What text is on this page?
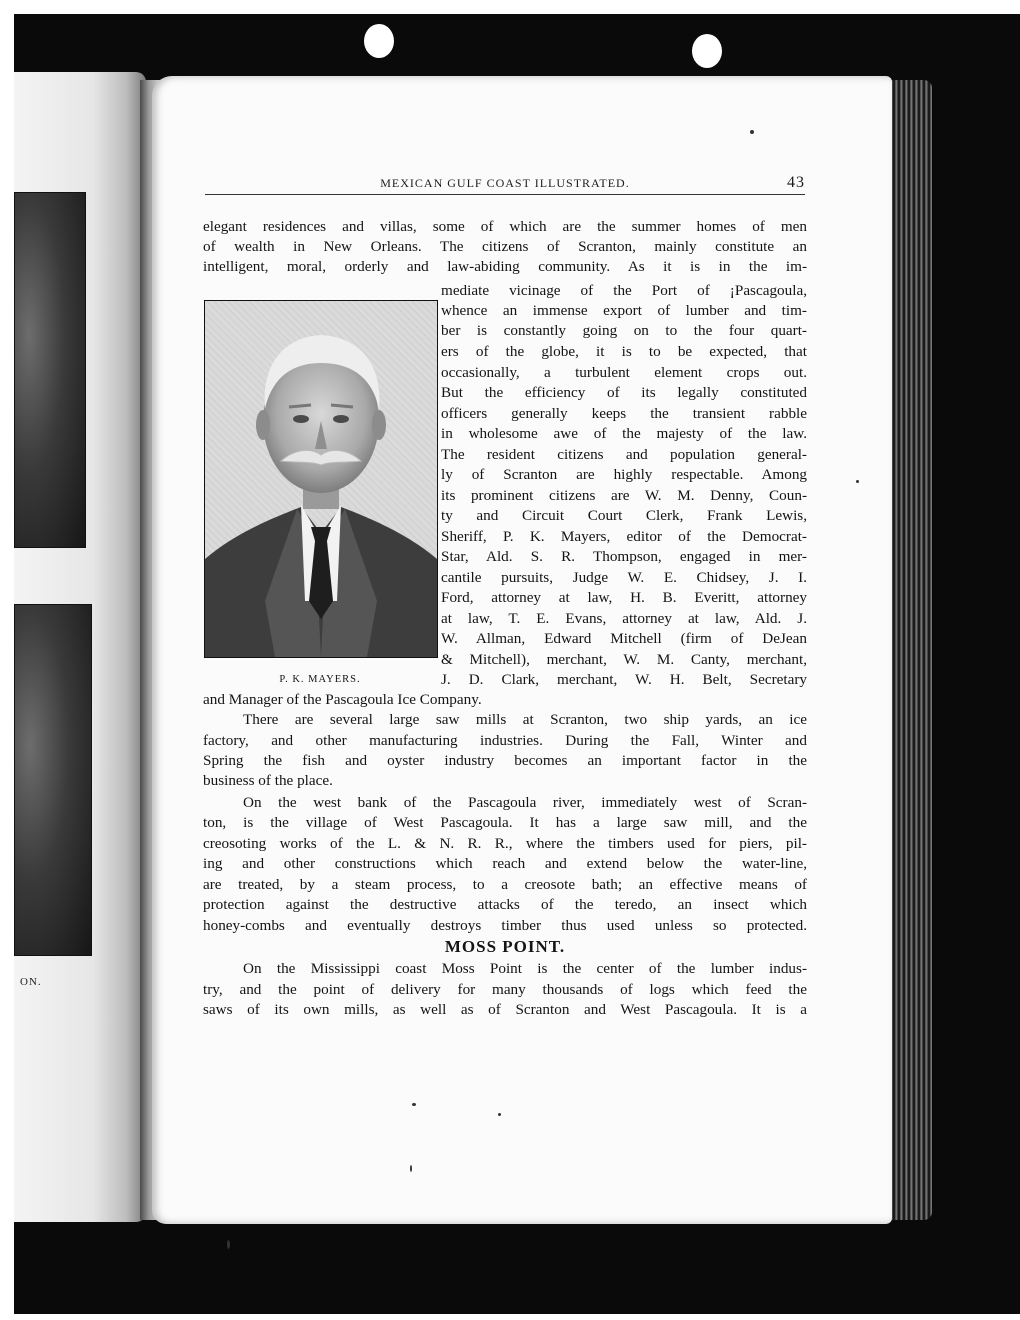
ON.
MEXICAN GULF COAST ILLUSTRATED.	43
P. K. MAYERS.
elegant residences and villas, some of which are the summer homes of men
of wealth in New Orleans. The citizens of Scranton, mainly constitute an
intelligent, moral, orderly and law-abiding community. As it is in the im-
mediate vicinage of the Port of ¡Pascagoula,
whence an immense export of lumber and tim-
ber is constantly going on to the four quart-
ers of the globe, it is to be expected, that
occasionally, a turbulent element crops out.
But the efficiency of its legally constituted
officers generally keeps the transient rabble
in wholesome awe of the majesty of the law.
The resident citizens and population general-
ly of Scranton are highly respectable. Among
its prominent citizens are W. M. Denny, Coun-
ty and Circuit Court Clerk, Frank Lewis,
Sheriff, P. K. Mayers, editor of the Democrat-
Star, Ald. S. R. Thompson, engaged in mer-
cantile pursuits, Judge W. E. Chidsey, J. I.
Ford, attorney at law, H. B. Everitt, attorney
at law, T. E. Evans, attorney at law, Ald. J.
W. Allman, Edward Mitchell (firm of DeJean
& Mitchell), merchant, W. M. Canty, merchant,
J. D. Clark, merchant, W. H. Belt, Secretary
and Manager of the Pascagoula Ice Company.
There are several large saw mills at Scranton, two ship yards, an ice
factory, and other manufacturing industries. During the Fall, Winter and
Spring the fish and oyster industry becomes an important factor in the
business of the place.
On the west bank of the Pascagoula river, immediately west of Scran-
ton, is the village of West Pascagoula. It has a large saw mill, and the
creosoting works of the L. & N. R. R., where the timbers used for piers, pil-
ing and other constructions which reach and extend below the water-line,
are treated, by a steam process, to a creosote bath; an effective means of
protection against the destructive attacks of the teredo, an insect which
honey-combs and eventually destroys timber thus used unless so protected.
MOSS POINT.
On the Mississippi coast Moss Point is the center of the lumber indus-
try, and the point of delivery for many thousands of logs which feed the
saws of its own mills, as well as of Scranton and West Pascagoula. It is a
